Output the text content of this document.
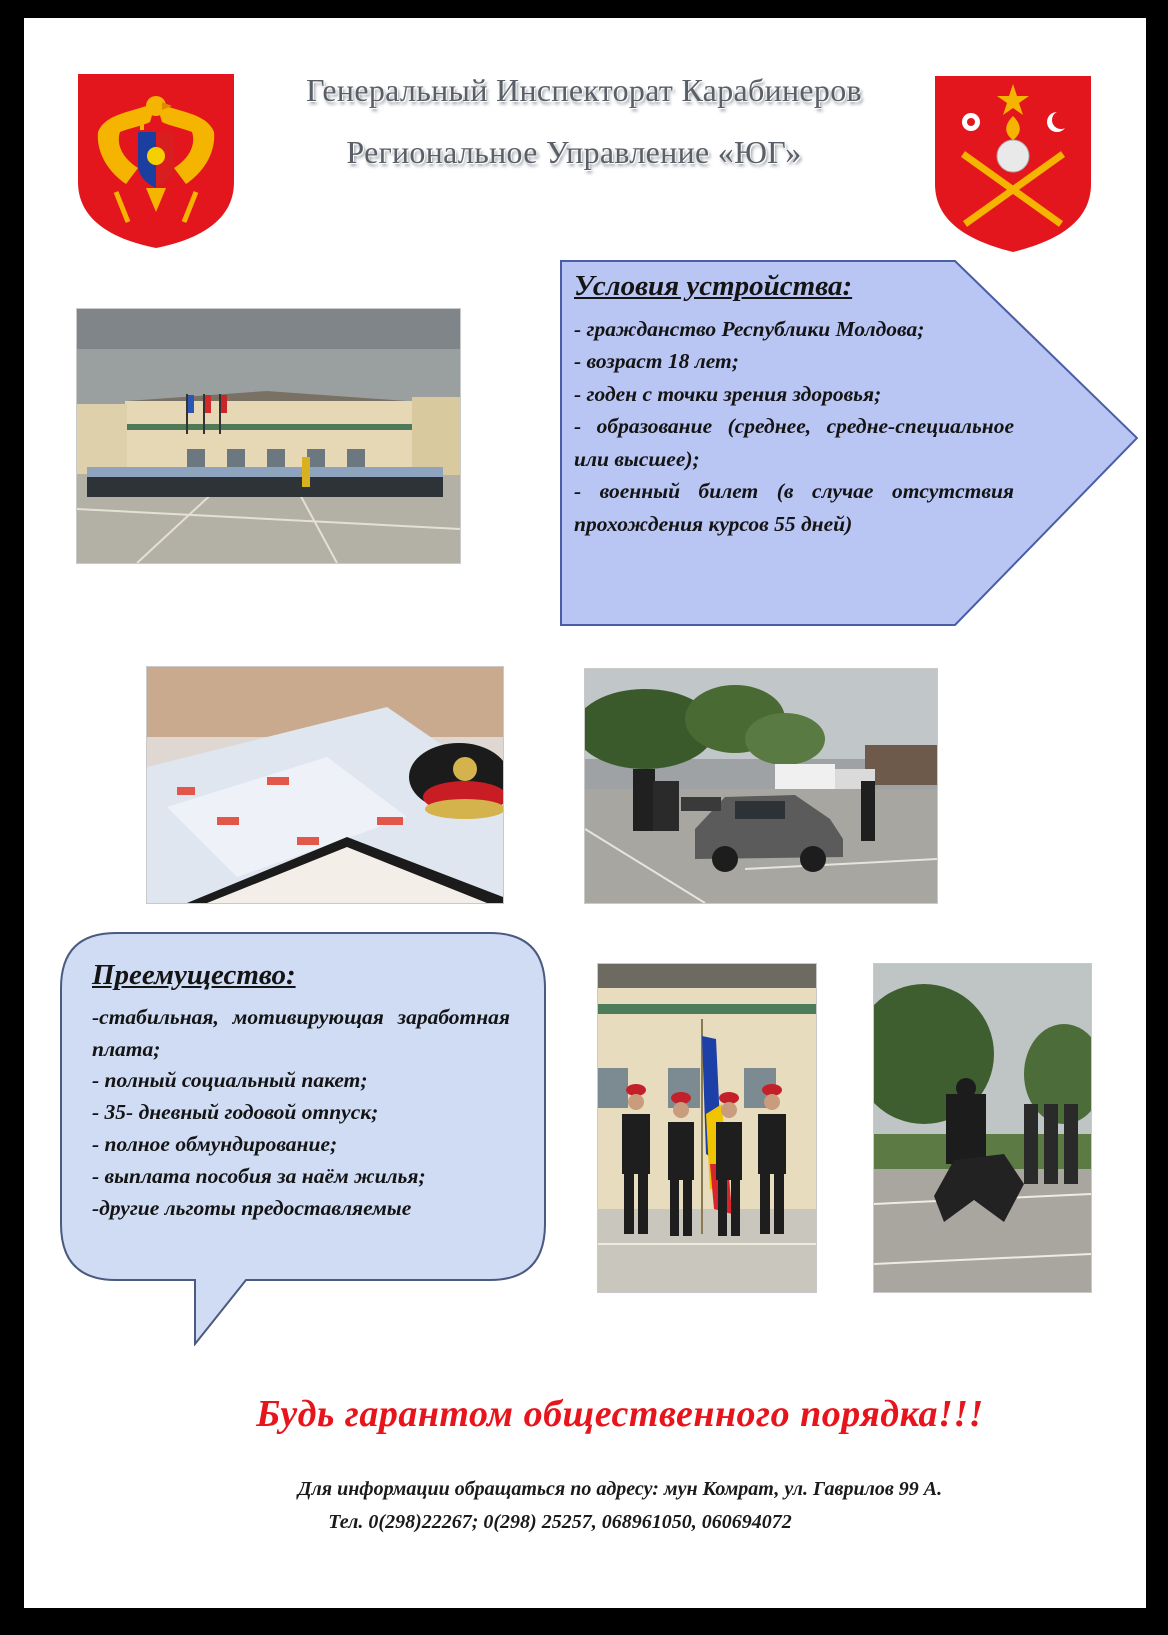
Генеральный Инспекторат Карабинеров
Региональное Управление «ЮГ»
Условия устройства:
- гражданство Республики Молдова;
- возраст 18 лет;
- годен с точки зрения здоровья;
- образование (среднее, средне-специальное или высшее);
- военный билет (в случае отсутствия прохождения курсов 55 дней)
Преемущество:
-стабильная, мотивирующая заработная плата;
- полный социальный пакет;
- 35- дневный годовой отпуск;
- полное обмундирование;
- выплата пособия за наём жилья;
-другие льготы предоставляемые
Будь гарантом общественного порядка!!!
Для информации обращаться по адресу: мун Комрат, ул. Гаврилов 99 А.
Тел. 0(298)22267; 0(298) 25257, 068961050, 060694072
